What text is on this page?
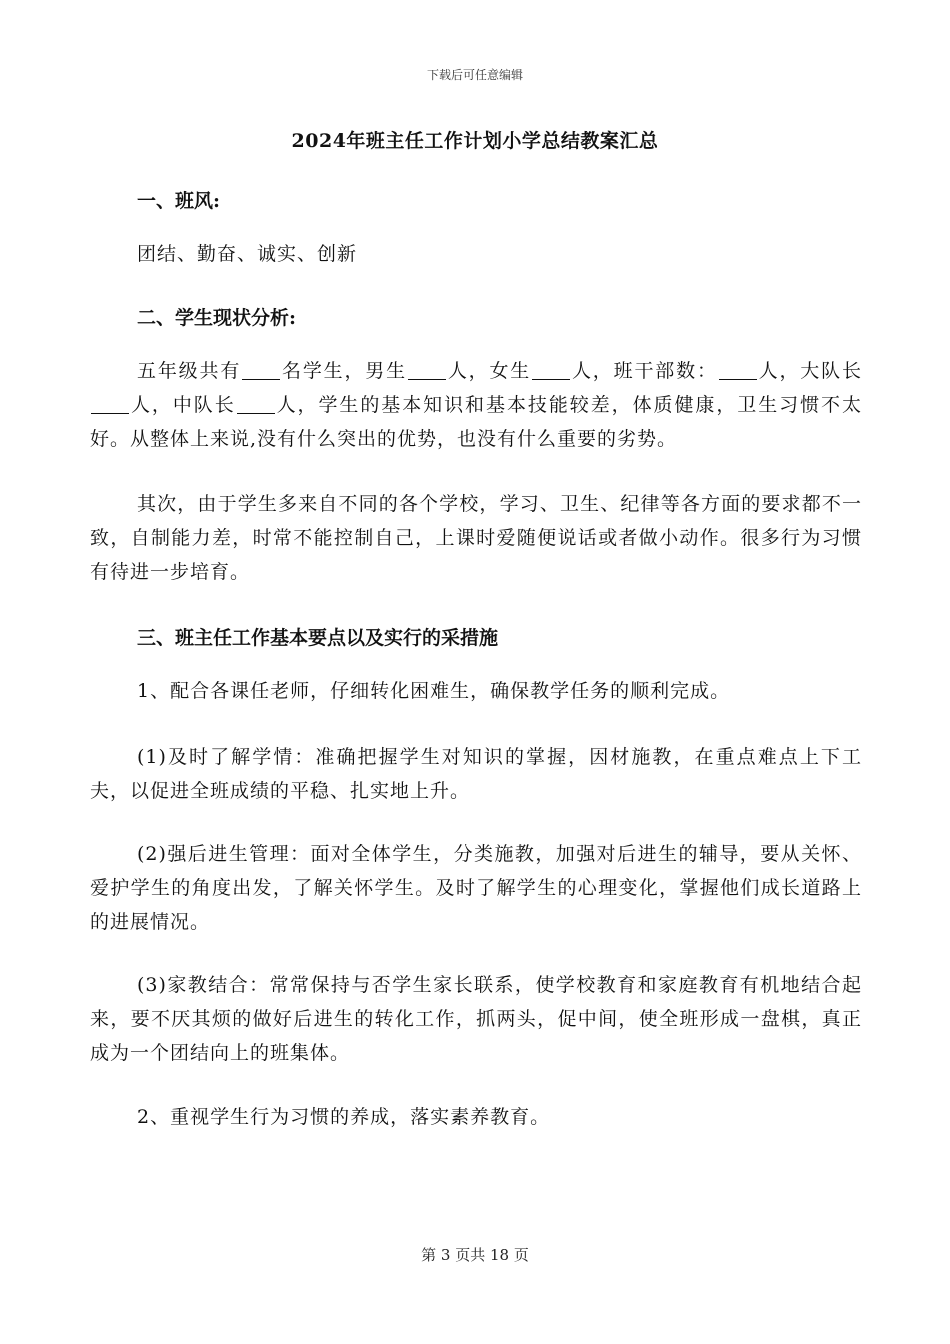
下载后可任意编辑
2024年班主任工作计划小学总结教案汇总
一、班风:
团结、勤奋、诚实、创新
二、学生现状分析:
五年级共有 名学生，男生 人，女生 人，班干部数： 人，大队长人，中队长 人，学生的基本知识和基本技能较差，体质健康，卫生习惯不太好。从整体上来说,没有什么突出的优势，也没有什么重要的劣势。
其次，由于学生多来自不同的各个学校，学习、卫生、纪律等各方面的要求都不一致，自制能力差，时常不能控制自己，上课时爱随便说话或者做小动作。很多行为习惯有待进一步培育。
三、班主任工作基本要点以及实行的采措施
1、配合各课任老师，仔细转化困难生，确保教学任务的顺利完成。
(1)及时了解学情：准确把握学生对知识的掌握，因材施教，在重点难点上下工夫，以促进全班成绩的平稳、扎实地上升。
(2)强后进生管理：面对全体学生，分类施教，加强对后进生的辅导，要从关怀、爱护学生的角度出发，了解关怀学生。及时了解学生的心理变化，掌握他们成长道路上的进展情况。
(3)家教结合：常常保持与否学生家长联系，使学校教育和家庭教育有机地结合起来，要不厌其烦的做好后进生的转化工作，抓两头，促中间，使全班形成一盘棋，真正成为一个团结向上的班集体。
2、重视学生行为习惯的养成，落实素养教育。
第 3 页共 18 页
